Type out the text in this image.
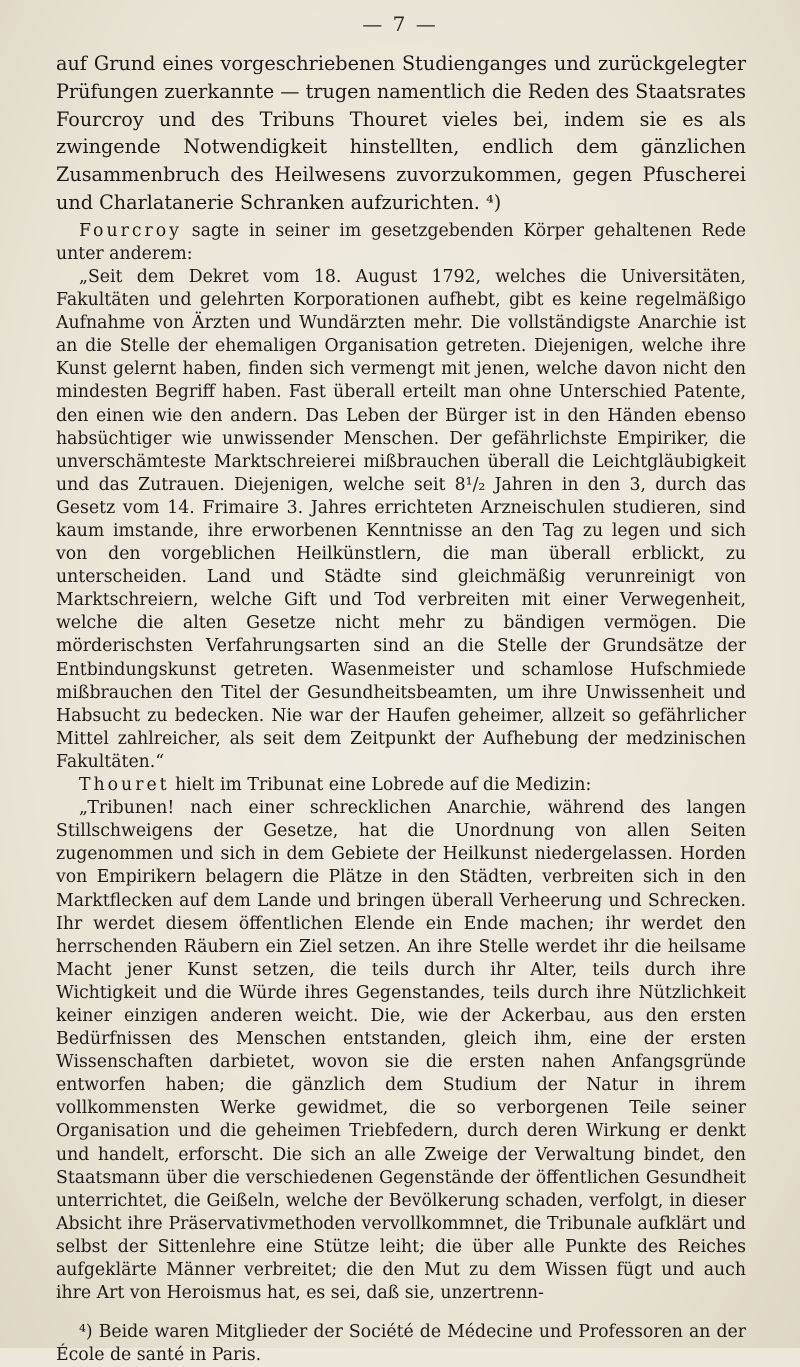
— 7 —

auf Grund eines vorgeschriebenen Studienganges und zurückgelegter Prüfungen zuerkannte — trugen namentlich die Reden des Staatsrates Fourcroy und des Tribuns Thouret vieles bei, indem sie es als zwingende Notwendigkeit hinstellten, endlich dem gänzlichen Zusammenbruch des Heilwesens zuvorzukommen, gegen Pfuscherei und Charlatanerie Schranken aufzurichten. ⁴)

Fourcroy sagte in seiner im gesetzgebenden Körper gehaltenen Rede unter anderem:

„Seit dem Dekret vom 18. August 1792, welches die Universitäten, Fakultäten und gelehrten Korporationen aufhebt, gibt es keine regelmäßigo Aufnahme von Ärzten und Wundärzten mehr. Die vollständigste Anarchie ist an die Stelle der ehemaligen Organisation getreten. Diejenigen, welche ihre Kunst gelernt haben, finden sich vermengt mit jenen, welche davon nicht den mindesten Begriff haben. Fast überall erteilt man ohne Unterschied Patente, den einen wie den andern. Das Leben der Bürger ist in den Händen ebenso habsüchtiger wie unwissender Menschen. Der gefährlichste Empiriker, die unverschämteste Marktschreierei mißbrauchen überall die Leichtgläubigkeit und das Zutrauen. Diejenigen, welche seit 8¹/₂ Jahren in den 3, durch das Gesetz vom 14. Frimaire 3. Jahres errichteten Arzneischulen studieren, sind kaum imstande, ihre erworbenen Kenntnisse an den Tag zu legen und sich von den vorgeblichen Heilkünstlern, die man überall erblickt, zu unterscheiden. Land und Städte sind gleichmäßig verunreinigt von Marktschreiern, welche Gift und Tod verbreiten mit einer Verwegenheit, welche die alten Gesetze nicht mehr zu bändigen vermögen. Die mörderischsten Verfahrungsarten sind an die Stelle der Grundsätze der Entbindungskunst getreten. Wasenmeister und schamlose Hufschmiede mißbrauchen den Titel der Gesundheitsbeamten, um ihre Unwissenheit und Habsucht zu bedecken. Nie war der Haufen geheimer, allzeit so gefährlicher Mittel zahlreicher, als seit dem Zeitpunkt der Aufhebung der medzinischen Fakultäten.“

Thouret hielt im Tribunat eine Lobrede auf die Medizin:

„Tribunen! nach einer schrecklichen Anarchie, während des langen Stillschweigens der Gesetze, hat die Unordnung von allen Seiten zugenommen und sich in dem Gebiete der Heilkunst niedergelassen. Horden von Empirikern belagern die Plätze in den Städten, verbreiten sich in den Marktflecken auf dem Lande und bringen überall Verheerung und Schrecken. Ihr werdet diesem öffentlichen Elende ein Ende machen; ihr werdet den herrschenden Räubern ein Ziel setzen. An ihre Stelle werdet ihr die heilsame Macht jener Kunst setzen, die teils durch ihr Alter, teils durch ihre Wichtigkeit und die Würde ihres Gegenstandes, teils durch ihre Nützlichkeit keiner einzigen anderen weicht. Die, wie der Ackerbau, aus den ersten Bedürfnissen des Menschen entstanden, gleich ihm, eine der ersten Wissenschaften darbietet, wovon sie die ersten nahen Anfangsgründe entworfen haben; die gänzlich dem Studium der Natur in ihrem vollkommensten Werke gewidmet, die so verborgenen Teile seiner Organisation und die geheimen Triebfedern, durch deren Wirkung er denkt und handelt, erforscht. Die sich an alle Zweige der Verwaltung bindet, den Staatsmann über die verschiedenen Gegenstände der öffentlichen Gesundheit unterrichtet, die Geißeln, welche der Bevölkerung schaden, verfolgt, in dieser Absicht ihre Präservativmethoden vervollkommnet, die Tribunale aufklärt und selbst der Sittenlehre eine Stütze leiht; die über alle Punkte des Reiches aufgeklärte Männer verbreitet; die den Mut zu dem Wissen fügt und auch ihre Art von Heroismus hat, es sei, daß sie, unzertrenn-

⁴) Beide waren Mitglieder der Société de Médecine und Professoren an der École de santé in Paris.
